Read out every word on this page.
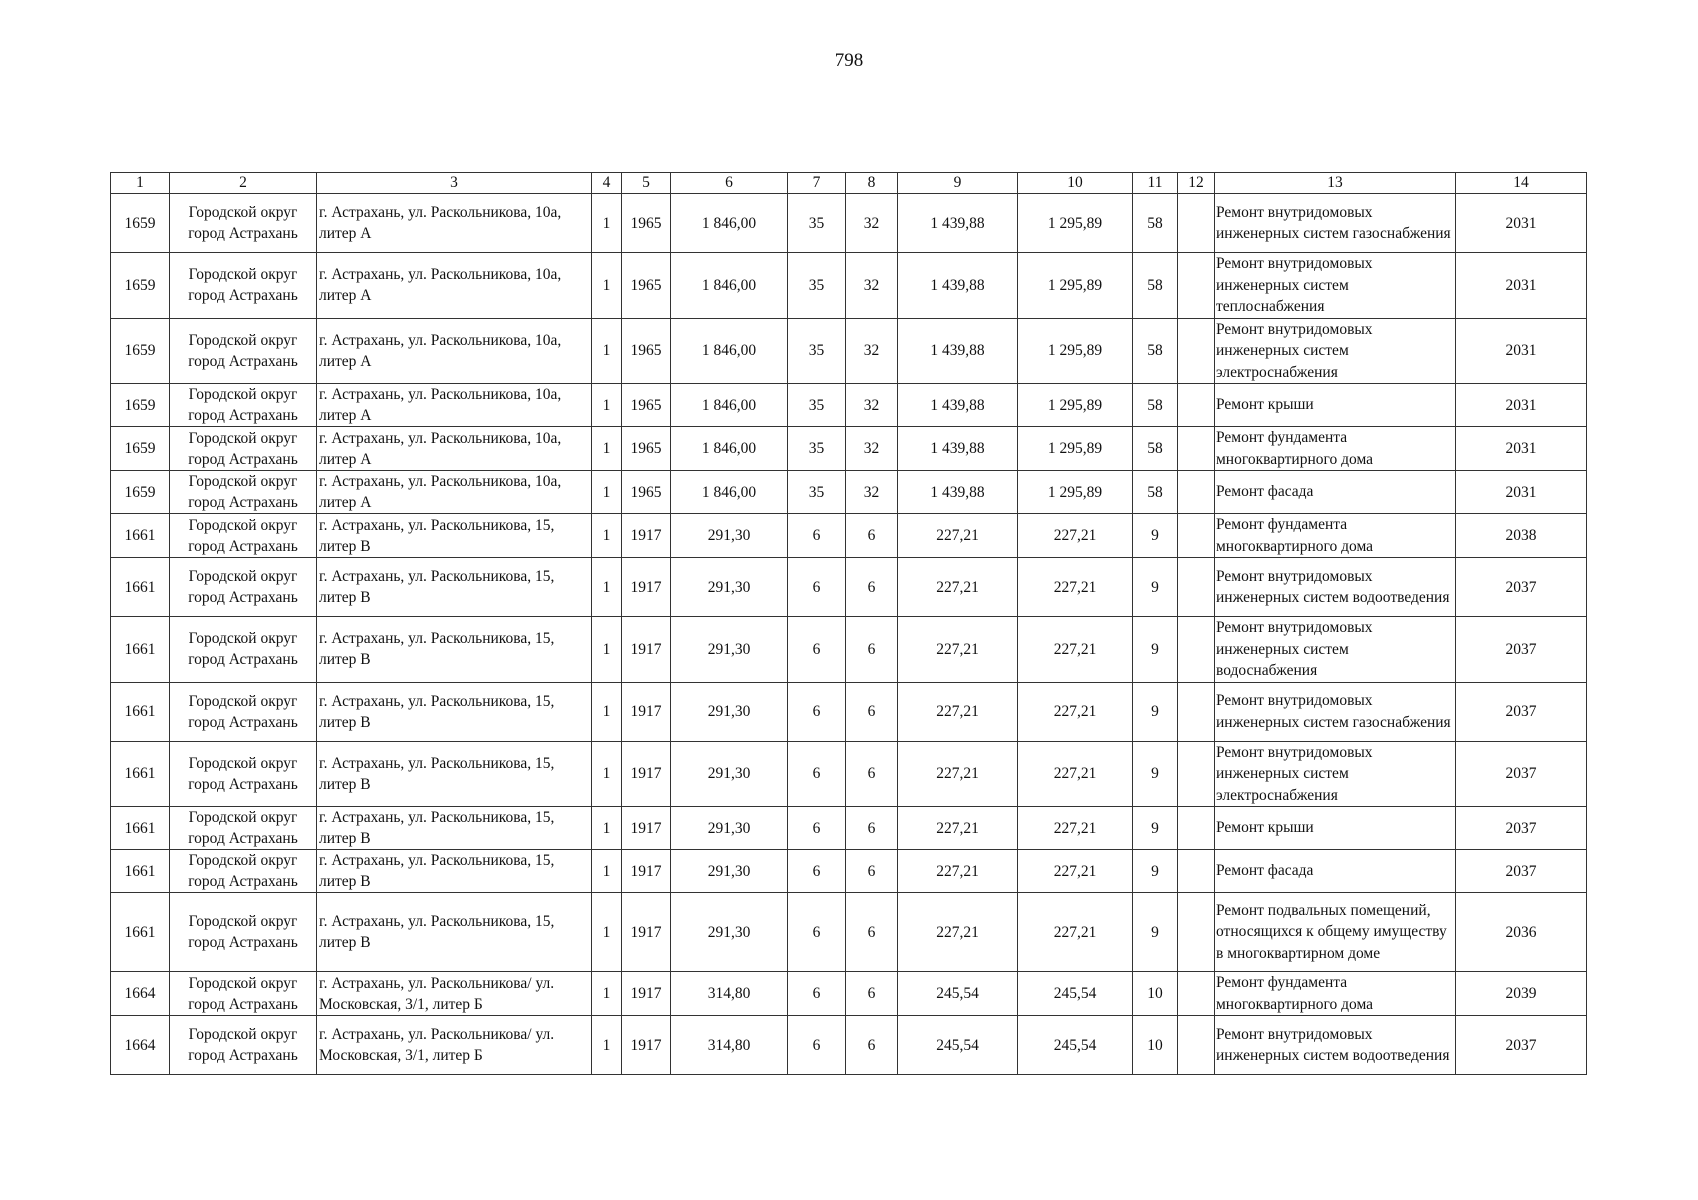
798
1	2	3	4	5	6	7	8	9	10	11	12	13	14
1659	Городской округ город Астрахань	г. Астрахань, ул. Раскольникова, 10а, литер А	1	1965	1 846,00	35	32	1 439,88	1 295,89	58		Ремонт внутридомовых инженерных систем газоснабжения	2031
1659	Городской округ город Астрахань	г. Астрахань, ул. Раскольникова, 10а, литер А	1	1965	1 846,00	35	32	1 439,88	1 295,89	58		Ремонт внутридомовых инженерных систем теплоснабжения	2031
1659	Городской округ город Астрахань	г. Астрахань, ул. Раскольникова, 10а, литер А	1	1965	1 846,00	35	32	1 439,88	1 295,89	58		Ремонт внутридомовых инженерных систем электроснабжения	2031
1659	Городской округ город Астрахань	г. Астрахань, ул. Раскольникова, 10а, литер А	1	1965	1 846,00	35	32	1 439,88	1 295,89	58		Ремонт крыши	2031
1659	Городской округ город Астрахань	г. Астрахань, ул. Раскольникова, 10а, литер А	1	1965	1 846,00	35	32	1 439,88	1 295,89	58		Ремонт фундамента многоквартирного дома	2031
1659	Городской округ город Астрахань	г. Астрахань, ул. Раскольникова, 10а, литер А	1	1965	1 846,00	35	32	1 439,88	1 295,89	58		Ремонт фасада	2031
1661	Городской округ город Астрахань	г. Астрахань, ул. Раскольникова, 15, литер В	1	1917	291,30	6	6	227,21	227,21	9		Ремонт фундамента многоквартирного дома	2038
1661	Городской округ город Астрахань	г. Астрахань, ул. Раскольникова, 15, литер В	1	1917	291,30	6	6	227,21	227,21	9		Ремонт внутридомовых инженерных систем водоотведения	2037
1661	Городской округ город Астрахань	г. Астрахань, ул. Раскольникова, 15, литер В	1	1917	291,30	6	6	227,21	227,21	9		Ремонт внутридомовых инженерных систем водоснабжения	2037
1661	Городской округ город Астрахань	г. Астрахань, ул. Раскольникова, 15, литер В	1	1917	291,30	6	6	227,21	227,21	9		Ремонт внутридомовых инженерных систем газоснабжения	2037
1661	Городской округ город Астрахань	г. Астрахань, ул. Раскольникова, 15, литер В	1	1917	291,30	6	6	227,21	227,21	9		Ремонт внутридомовых инженерных систем электроснабжения	2037
1661	Городской округ город Астрахань	г. Астрахань, ул. Раскольникова, 15, литер В	1	1917	291,30	6	6	227,21	227,21	9		Ремонт крыши	2037
1661	Городской округ город Астрахань	г. Астрахань, ул. Раскольникова, 15, литер В	1	1917	291,30	6	6	227,21	227,21	9		Ремонт фасада	2037
1661	Городской округ город Астрахань	г. Астрахань, ул. Раскольникова, 15, литер В	1	1917	291,30	6	6	227,21	227,21	9		Ремонт подвальных помещений, относящихся к общему имуществу в многоквартирном доме	2036
1664	Городской округ город Астрахань	г. Астрахань, ул. Раскольникова/ ул. Московская, 3/1, литер Б	1	1917	314,80	6	6	245,54	245,54	10		Ремонт фундамента многоквартирного дома	2039
1664	Городской округ город Астрахань	г. Астрахань, ул. Раскольникова/ ул. Московская, 3/1, литер Б	1	1917	314,80	6	6	245,54	245,54	10		Ремонт внутридомовых инженерных систем водоотведения	2037
